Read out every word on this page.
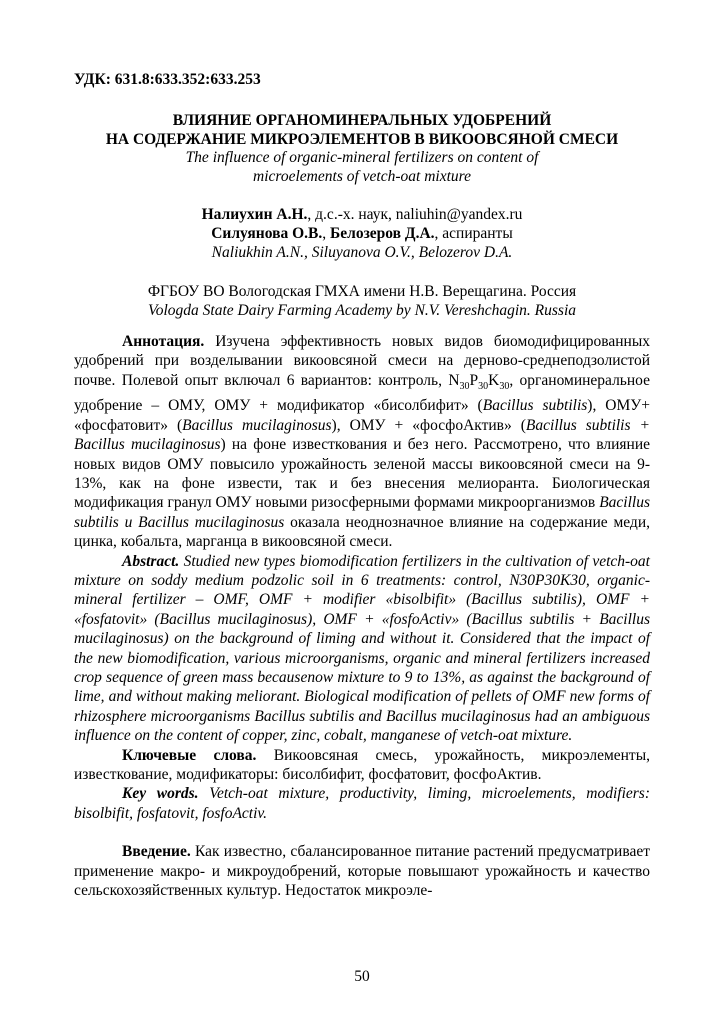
УДК: 631.8:633.352:633.253
ВЛИЯНИЕ ОРГАНОМИНЕРАЛЬНЫХ УДОБРЕНИЙ
НА СОДЕРЖАНИЕ МИКРОЭЛЕМЕНТОВ В ВИКООВСЯНОЙ СМЕСИ
The influence of organic-mineral fertilizers on content of
microelements of vetch-oat mixture
Налиухин А.Н., д.с.-х. наук, naliuhin@yandex.ru
Силуянова О.В., Белозеров Д.А., аспиранты
Naliukhin A.N., Siluyanova O.V., Belozerov D.A.
ФГБОУ ВО Вологодская ГМХА имени Н.В. Верещагина. Россия
Vologda State Dairy Farming Academy by N.V. Vereshchagin. Russia

Аннотация. Изучена эффективность новых видов биомодифицированных удобрений при возделывании викоовсяной смеси на дерново-среднеподзолистой почве. Полевой опыт включал 6 вариантов: контроль, $N_{30}P_{30}K_{30}$, органоминеральное удобрение – ОМУ, ОМУ + модификатор «бисолбифит» (Bacillus subtilis), ОМУ+ «фосфатовит» (Bacillus mucilaginosus), ОМУ + «фосфоАктив» (Bacillus subtilis + Bacillus mucilaginosus) на фоне известкования и без него. Рассмотрено, что влияние новых видов ОМУ повысило урожайность зеленой массы викоовсяной смеси на 9-13%, как на фоне извести, так и без внесения мелиоранта. Биологическая модификация гранул ОМУ новыми ризосферными формами микроорганизмов Bacillus subtilis и Bacillus mucilaginosus оказала неоднозначное влияние на содержание меди, цинка, кобальта, марганца в викоовсяной смеси.

Abstract. Studied new types biomodification fertilizers in the cultivation of vetch-oat mixture on soddy medium podzolic soil in 6 treatments: control, N30P30K30, organic-mineral fertilizer – OMF, OMF + modifier «bisolbifit» (Bacillus subtilis), OMF + «fosfatovit» (Bacillus mucilaginosus), OMF + «fosfoActiv» (Bacillus subtilis + Bacillus mucilaginosus) on the background of liming and without it. Considered that the impact of the new biomodification, various microorganisms, organic and mineral fertilizers increased crop sequence of green mass becausenow mixture to 9 to 13%, as against the background of lime, and without making meliorant. Biological modification of pellets of OMF new forms of rhizosphere microorganisms Bacillus subtilis and Bacillus mucilaginosus had an ambiguous influence on the content of copper, zinc, cobalt, manganese of vetch-oat mixture.

Ключевые слова. Викоовсяная смесь, урожайность, микроэлементы, известкование, модификаторы: бисолбифит, фосфатовит, фосфоАктив.

Key words. Vetch-oat mixture, productivity, liming, microelements, modifiers: bisolbifit, fosfatovit, fosfoActiv.

Введение. Как известно, сбалансированное питание растений предусматривает применение макро- и микроудобрений, которые повышают урожайность и качество сельскохозяйственных культур. Недостаток микроэле-

50
